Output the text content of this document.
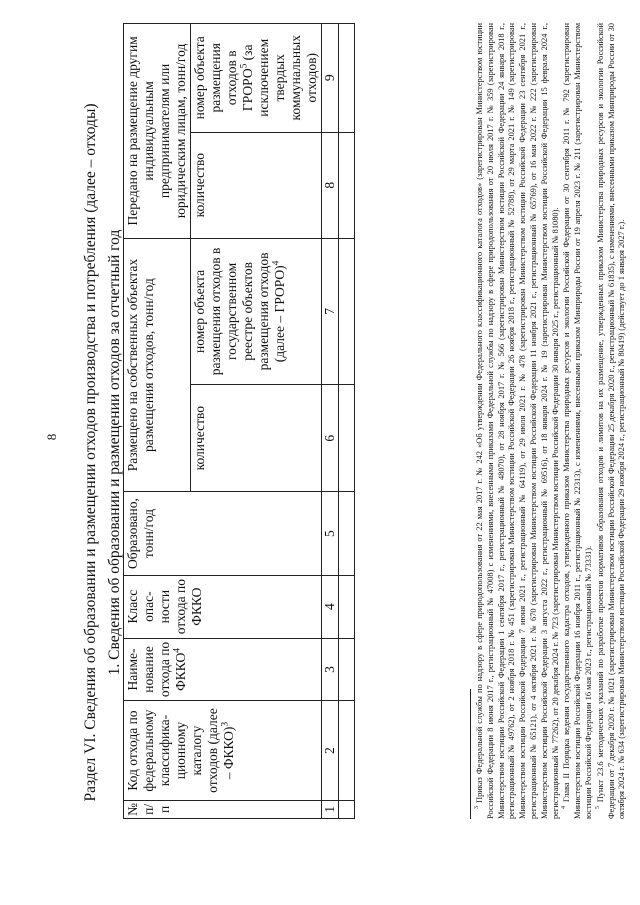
8	Раздел VI. Сведения об образовании и размещении отходов производства и потребления (далее – отходы) 1. Сведения об образовании и размещении отходов за отчетный год
№ п/п	Код отхода по федеральному классифика-ционному каталогу отходов (далее – ФККО)$^3$	Наиме-нование отхода по ФККО$^4$	Класс опас-ности отхода по ФККО	Образовано, тонн/год	Размещено на собственных объектах размещения отходов, тонн/год		Передано на размещение другим индивидуальным предпринимателям или юридическим лицам, тонн/год	
					количество	номер объекта размещения отходов в государственном реестре объектов размещения отходов (далее – ГРОРО)$^4$	количество	номер объекта размещения отходов в ГРОРО$^5$ (за исключением твердых коммунальных отходов)
1	2	3	4	5	6	7	8	9

$^3$ Приказ Федеральной службы по надзору в сфере природопользования от 22 мая 2017 г. № 242 «Об утверждении Федерального классификационного каталога отходов» (зарегистрирован Министерством юстиции Российской Федерации 8 июня 2017 г., регистрационный № 47008) с изменениями, внесенными приказами Федеральной службы по надзору в сфере природопользования от 20 июля 2017 г. № 359 (зарегистрирован Министерством юстиции Российской Федерации 1 сентября 2017 г., регистрационный № 48070), от 28 ноября 2017 г. № 566 (зарегистрирован Министерством юстиции Российской Федерации 24 января 2018 г., регистрационный № 49762), от 2 ноября 2018 г. № 451 (зарегистрирован Министерством юстиции Российской Федерации 26 ноября 2018 г., регистрационный № 52788), от 29 марта 2021 г. № 149 (зарегистрирован Министерством юстиции Российской Федерации 7 июня 2021 г., регистрационный № 64119), от 29 июля 2021 г. № 478 (зарегистрирован Министерством юстиции Российской Федерации 23 сентября 2021 г., регистрационный № 65121), от 4 октября 2021 г. № 670 (зарегистрирован Министерством юстиции Российской Федерации 11 ноября 2021 г., регистрационный № 65769), от 16 мая 2022 г. № 222 (зарегистрирован Министерством юстиции Российской Федерации 3 августа 2022 г., регистрационный № 69516), от 18 января 2024 г. № 19 (зарегистрирован Министерством юстиции Российской Федерации 15 февраля 2024 г., регистрационный № 77262), от 20 декабря 2024 г. № 723 (зарегистрирован Министерством юстиции Российской Федерации 30 января 2025 г., регистрационный № 81080). $^4$ Глава II Порядка ведения государственного кадастра отходов, утвержденного приказом Министерства природных ресурсов и экологии Российской Федерации от 30 сентября 2011 г. № 792 (зарегистрирован Министерством юстиции Российской Федерации 16 ноября 2011 г., регистрационный № 22313), с изменениями, внесенными приказом Минприроды России от 19 апреля 2023 г. № 211 (зарегистрирован Министерством юстиции Российской Федерации 16 мая 2023 г., регистрационный № 73331). $^5$ Пункт 23.6 методических указаний по разработке проектов нормативов образования отходов и лимитов на их размещение, утвержденных приказом Министерства природных ресурсов и экологии Российской Федерации от 7 декабря 2020 г. № 1021 (зарегистрирован Министерством юстиции Российской Федерации 25 декабря 2020 г., регистрационный № 61835), с изменениями, внесенными приказом Минприроды России от 30 октября 2024 г. № 634 (зарегистрирован Министерством юстиции Российской Федерации 29 ноября 2024 г., регистрационный № 80419) (действует до 1 января 2027 г.).
